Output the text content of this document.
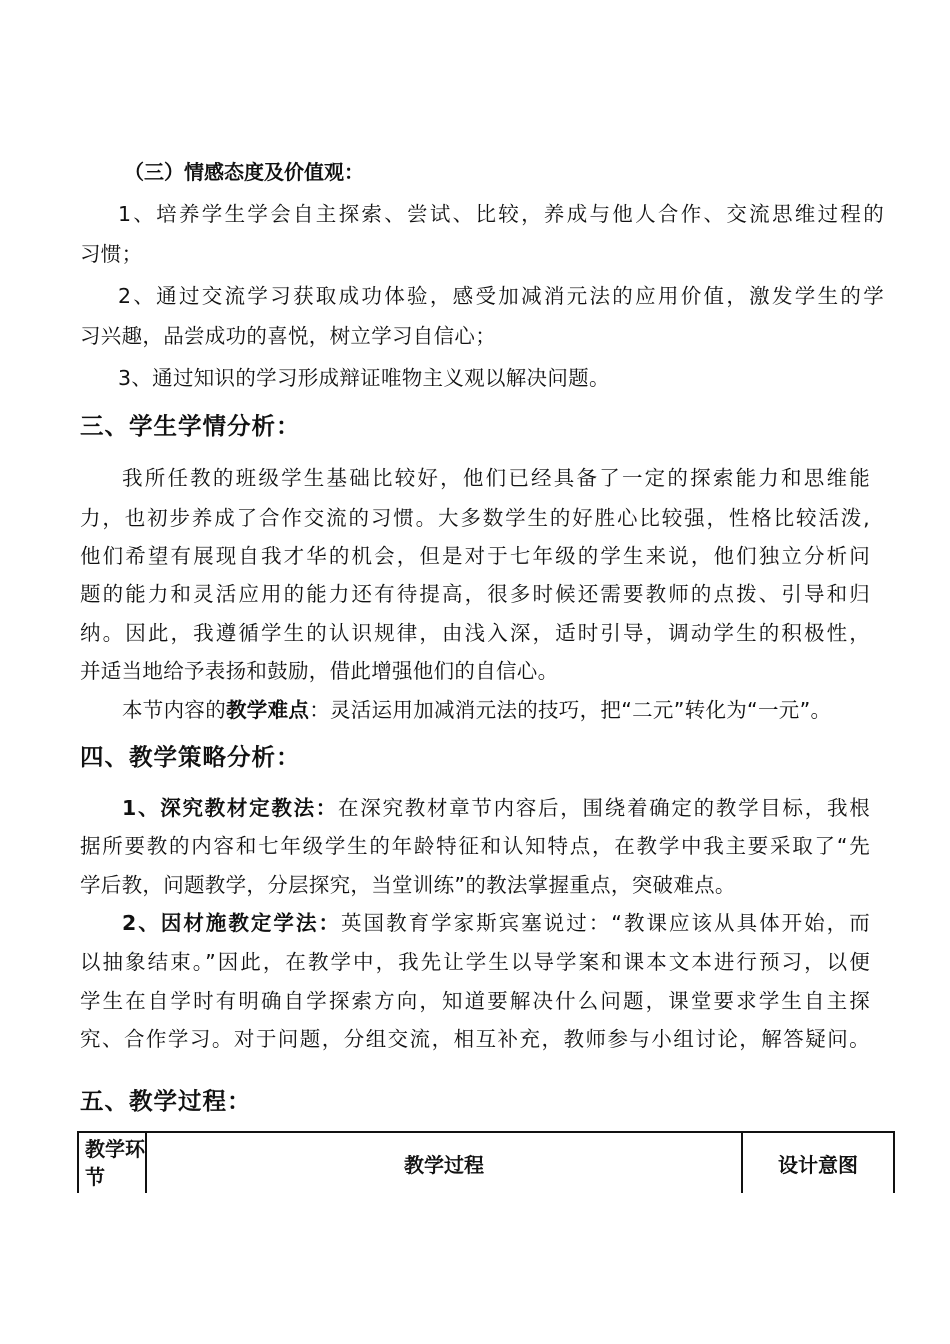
（三）情感态度及价值观：
1、培养学生学会自主探索、尝试、比较，养成与他人合作、交流思维过程的
习惯；
2、通过交流学习获取成功体验，感受加减消元法的应用价值，激发学生的学
习兴趣，品尝成功的喜悦，树立学习自信心；
3、通过知识的学习形成辩证唯物主义观以解决问题。
三、学生学情分析：
我所任教的班级学生基础比较好，他们已经具备了一定的探索能力和思维能
力，也初步养成了合作交流的习惯。大多数学生的好胜心比较强，性格比较活泼,
他们希望有展现自我才华的机会，但是对于七年级的学生来说，他们独立分析问
题的能力和灵活应用的能力还有待提高，很多时候还需要教师的点拨、引导和归
纳。因此，我遵循学生的认识规律，由浅入深，适时引导，调动学生的积极性，
并适当地给予表扬和鼓励，借此增强他们的自信心。
本节内容的教学难点：灵活运用加减消元法的技巧，把“二元”转化为“一元”。
四、教学策略分析：
1、深究教材定教法：在深究教材章节内容后，围绕着确定的教学目标，我根
据所要教的内容和七年级学生的年龄特征和认知特点，在教学中我主要采取了“先
学后教，问题教学，分层探究，当堂训练”的教法掌握重点，突破难点。
2、因材施教定学法：英国教育学家斯宾塞说过：“教课应该从具体开始，而
以抽象结束。”因此，在教学中，我先让学生以导学案和课本文本进行预习，以便
学生在自学时有明确自学探索方向，知道要解决什么问题，课堂要求学生自主探
究、合作学习。对于问题，分组交流，相互补充，教师参与小组讨论，解答疑问。
五、教学过程：
教学环节	教学过程	设计意图
